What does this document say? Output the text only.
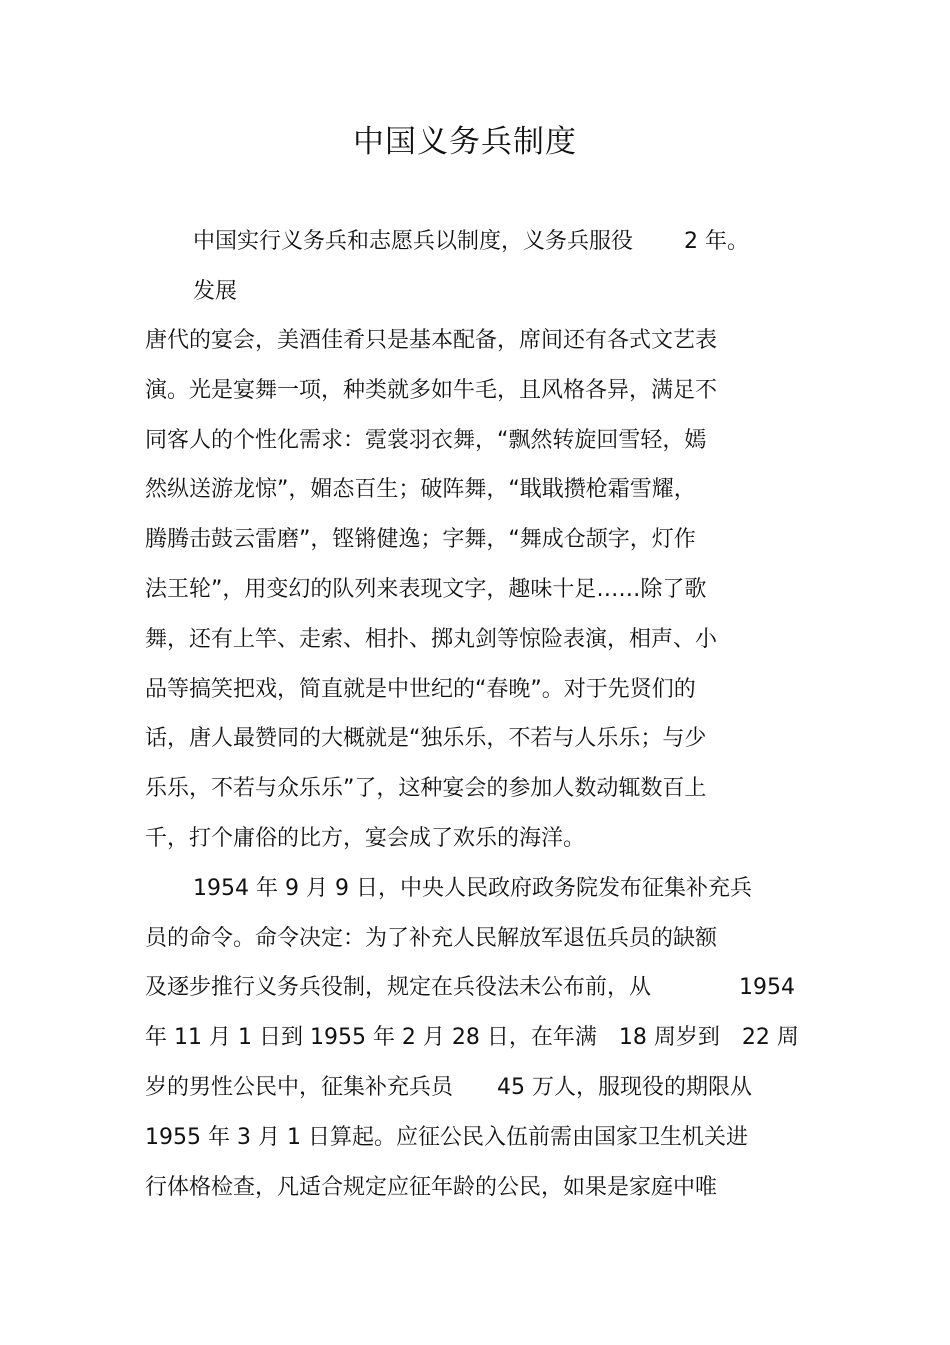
中国义务兵制度
中国实行义务兵和志愿兵以制度，义务兵服役　　 2 年。
发展
唐代的宴会，美酒佳肴只是基本配备，席间还有各式文艺表
演。光是宴舞一项，种类就多如牛毛，且风格各异，满足不
同客人的个性化需求：霓裳羽衣舞，“飘然转旋回雪轻，嫣
然纵送游龙惊”，媚态百生；破阵舞，“戢戢攒枪霜雪耀，
腾腾击鼓云雷磨”，铿锵健逸；字舞，“舞成仓颉字，灯作
法王轮”，用变幻的队列来表现文字，趣味十足……除了歌
舞，还有上竿、走索、相扑、掷丸剑等惊险表演，相声、小
品等搞笑把戏，简直就是中世纪的“春晚”。对于先贤们的
话，唐人最赞同的大概就是“独乐乐，不若与人乐乐；与少
乐乐，不若与众乐乐”了，这种宴会的参加人数动辄数百上
千，打个庸俗的比方，宴会成了欢乐的海洋。
1954 年 9 月 9 日，中央人民政府政务院发布征集补充兵
员的命令。命令决定：为了补充人民解放军退伍兵员的缺额
及逐步推行义务兵役制，规定在兵役法未公布前，从　　　　1954
年 11 月 1 日到 1955 年 2 月 28 日，在年满　18 周岁到　22 周
岁的男性公民中，征集补充兵员　　45 万人，服现役的期限从
1955 年 3 月 1 日算起。应征公民入伍前需由国家卫生机关进
行体格检查，凡适合规定应征年龄的公民，如果是家庭中唯
